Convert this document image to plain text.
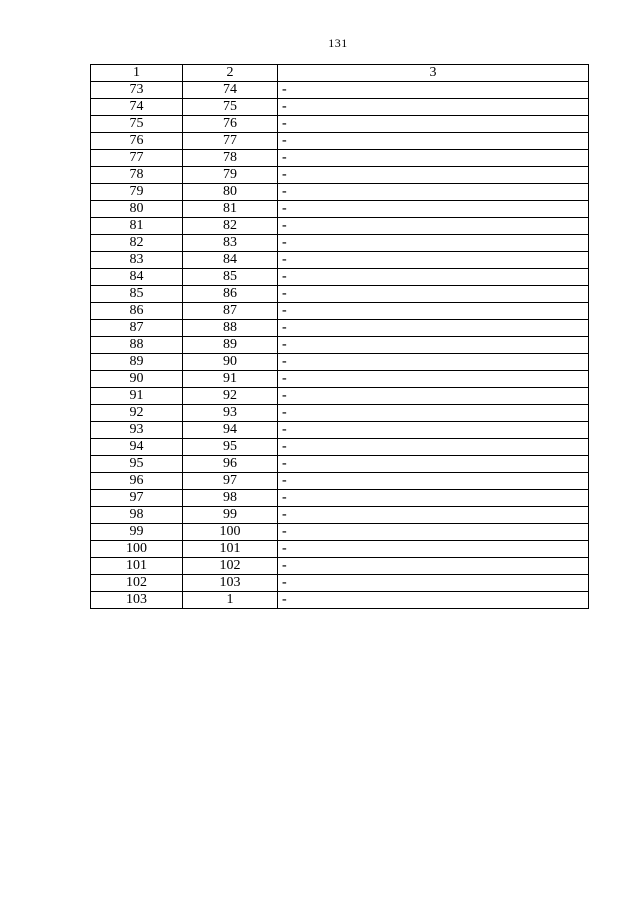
131
1	2	3
73	74	-
74	75	-
75	76	-
76	77	-
77	78	-
78	79	-
79	80	-
80	81	-
81	82	-
82	83	-
83	84	-
84	85	-
85	86	-
86	87	-
87	88	-
88	89	-
89	90	-
90	91	-
91	92	-
92	93	-
93	94	-
94	95	-
95	96	-
96	97	-
97	98	-
98	99	-
99	100	-
100	101	-
101	102	-
102	103	-
103	1	-
